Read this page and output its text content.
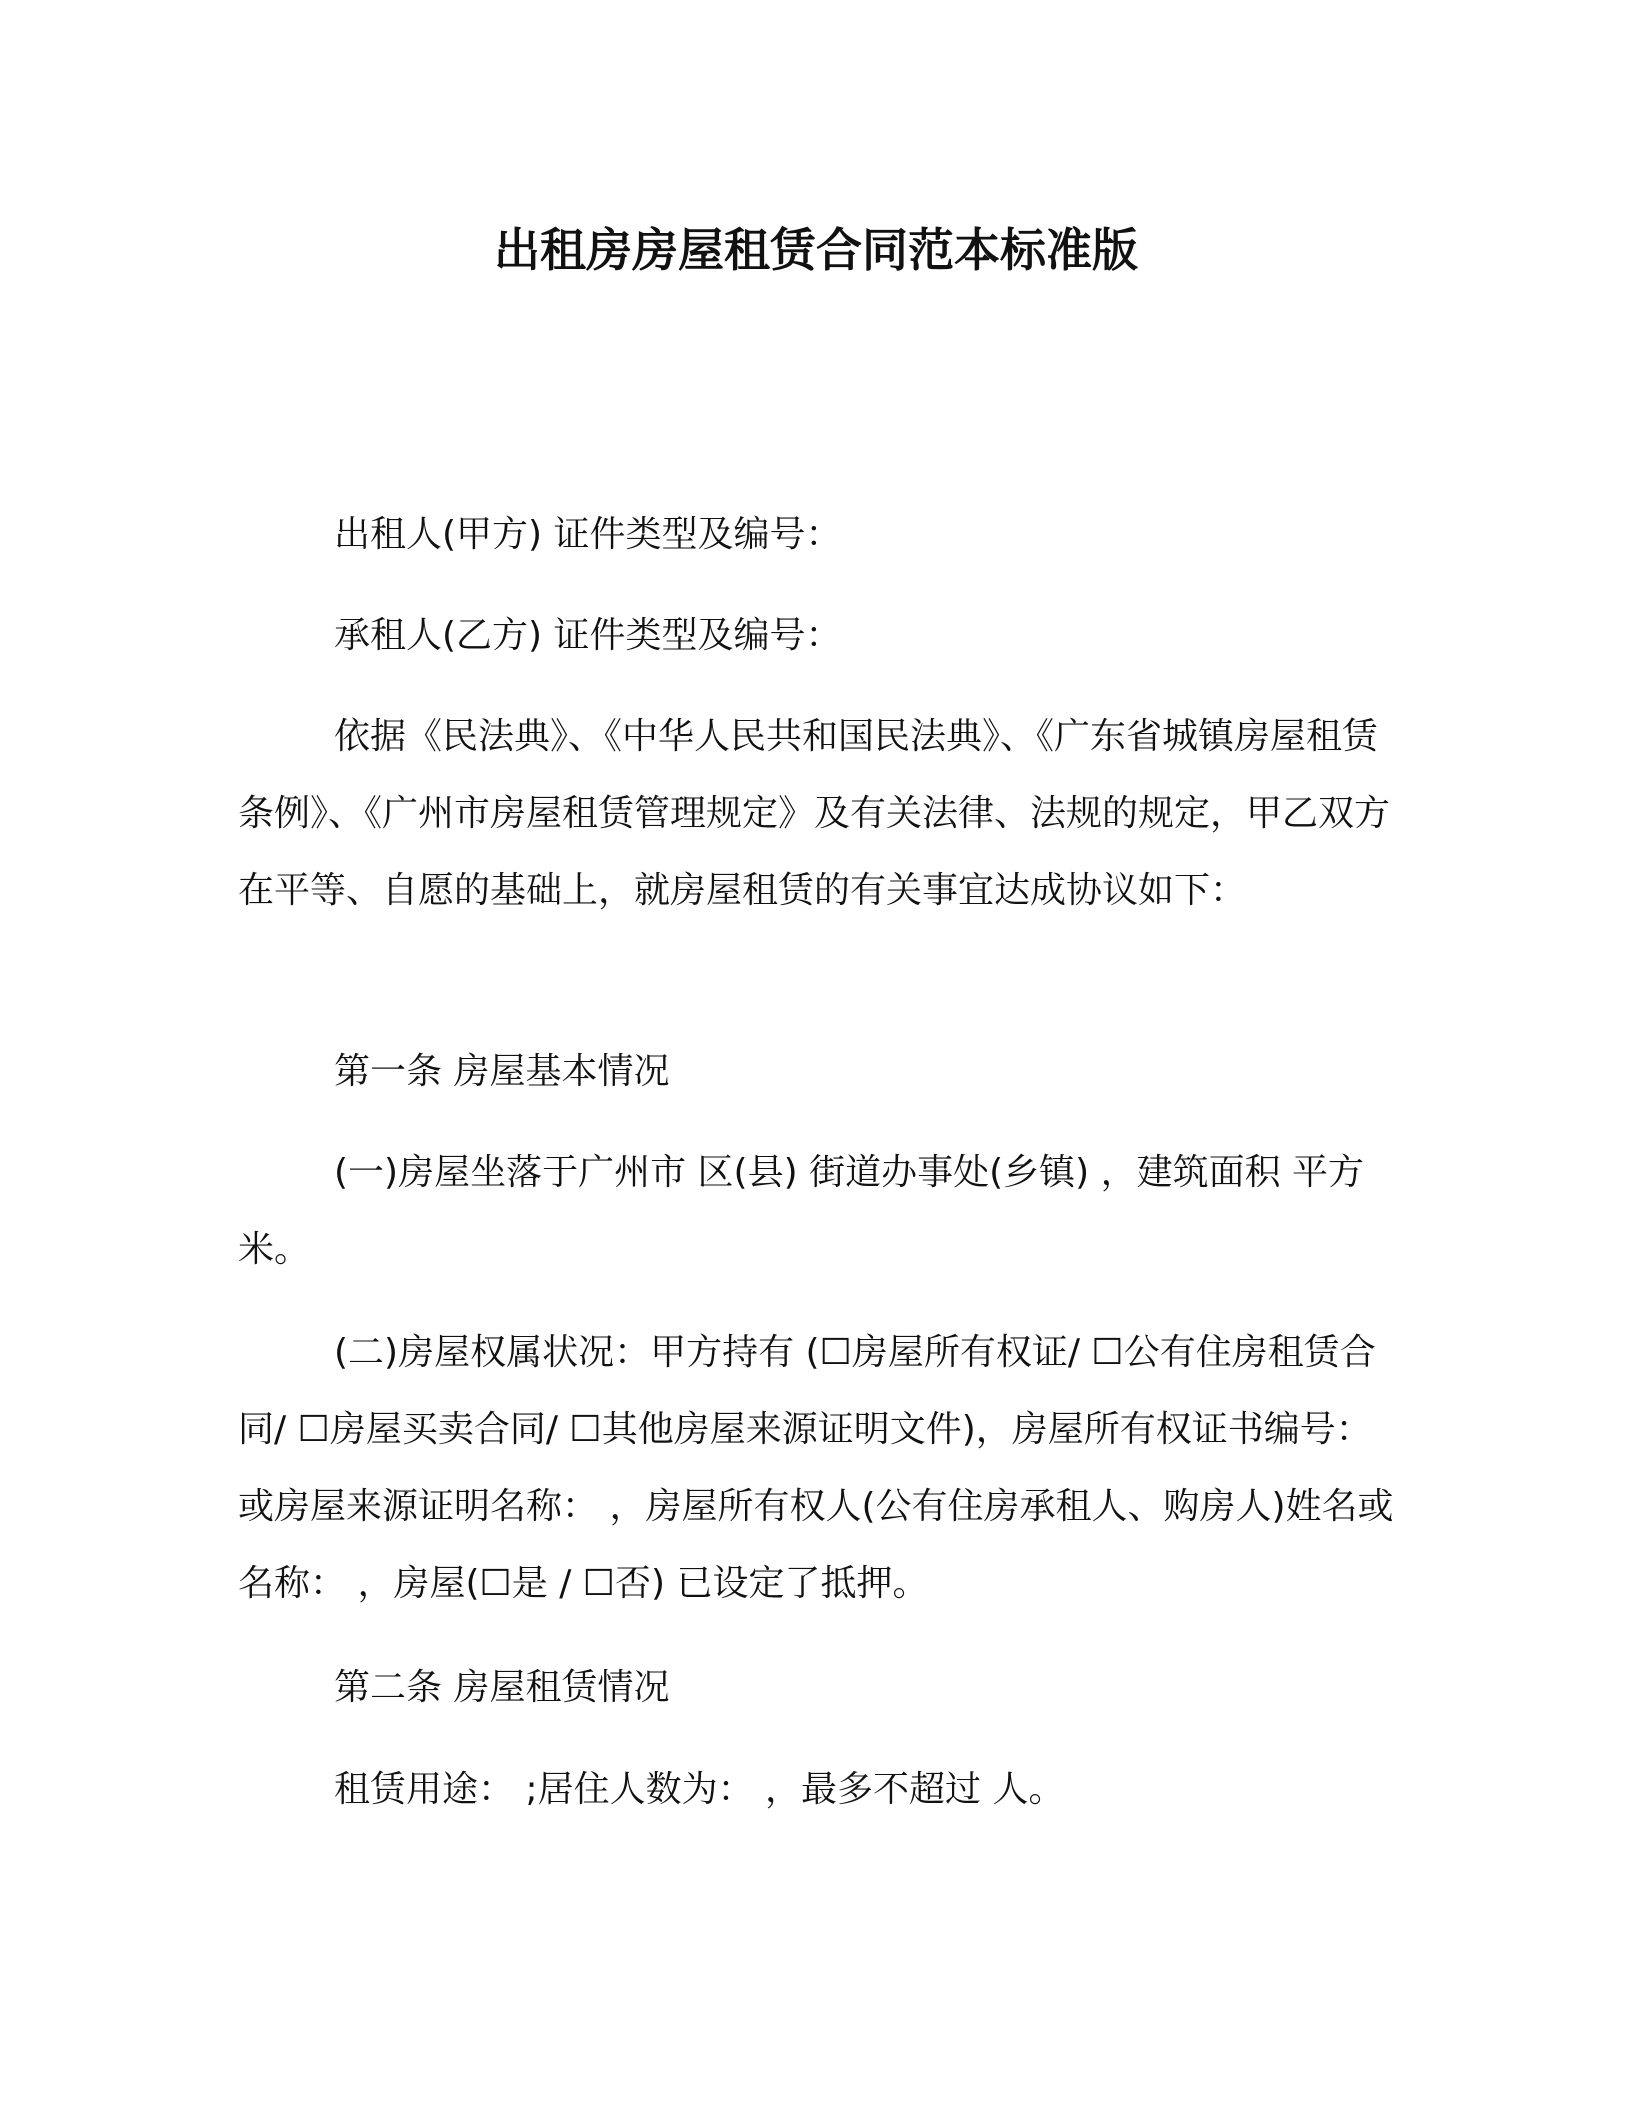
出租房房屋租赁合同范本标准版

出租人(甲方) 证件类型及编号：

承租人(乙方) 证件类型及编号：

依据《民法典》、《中华人民共和国民法典》、《广东省城镇房屋租赁条例》、《广州市房屋租赁管理规定》及有关法律、法规的规定，甲乙双方在平等、自愿的基础上，就房屋租赁的有关事宜达成协议如下：

第一条 房屋基本情况

(一)房屋坐落于广州市 区(县) 街道办事处(乡镇) ，建筑面积 平方米。

(二)房屋权属状况：甲方持有 (☐房屋所有权证/ ☐公有住房租赁合同/ ☐房屋买卖合同/ ☐其他房屋来源证明文件)，房屋所有权证书编号： 或房屋来源证明名称： ，房屋所有权人(公有住房承租人、购房人)姓名或名称： ，房屋(☐是 / ☐否) 已设定了抵押。

第二条 房屋租赁情况

租赁用途： ;居住人数为： ，最多不超过 人。
